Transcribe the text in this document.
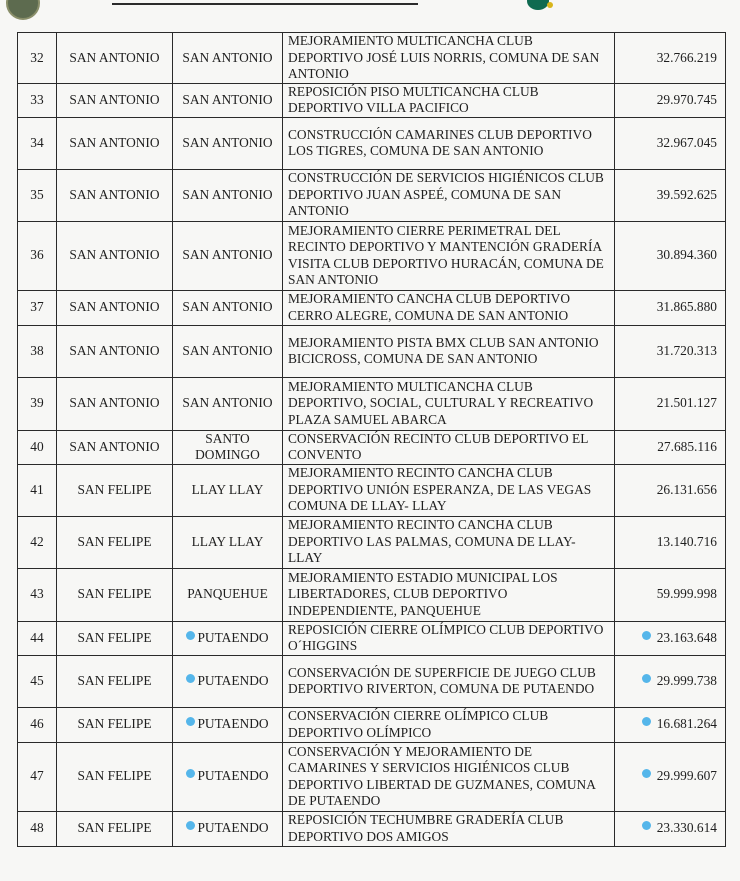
32	SAN ANTONIO	SAN ANTONIO	MEJORAMIENTO MULTICANCHA CLUB DEPORTIVO JOSÉ LUIS NORRIS, COMUNA DE SAN ANTONIO	32.766.219
33	SAN ANTONIO	SAN ANTONIO	REPOSICIÓN PISO MULTICANCHA CLUB DEPORTIVO VILLA PACIFICO	29.970.745
34	SAN ANTONIO	SAN ANTONIO	CONSTRUCCIÓN CAMARINES CLUB DEPORTIVO LOS TIGRES, COMUNA DE SAN ANTONIO	32.967.045
35	SAN ANTONIO	SAN ANTONIO	CONSTRUCCIÓN DE SERVICIOS HIGIÉNICOS CLUB DEPORTIVO JUAN ASPEÉ, COMUNA DE SAN ANTONIO	39.592.625
36	SAN ANTONIO	SAN ANTONIO	MEJORAMIENTO CIERRE PERIMETRAL DEL RECINTO DEPORTIVO Y MANTENCIÓN GRADERÍA VISITA CLUB DEPORTIVO HURACÁN, COMUNA DE SAN ANTONIO	30.894.360
37	SAN ANTONIO	SAN ANTONIO	MEJORAMIENTO CANCHA CLUB DEPORTIVO CERRO ALEGRE, COMUNA DE SAN ANTONIO	31.865.880
38	SAN ANTONIO	SAN ANTONIO	MEJORAMIENTO PISTA BMX CLUB SAN ANTONIO BICICROSS, COMUNA DE SAN ANTONIO	31.720.313
39	SAN ANTONIO	SAN ANTONIO	MEJORAMIENTO MULTICANCHA CLUB DEPORTIVO, SOCIAL, CULTURAL Y RECREATIVO PLAZA SAMUEL ABARCA	21.501.127
40	SAN ANTONIO	SANTO DOMINGO	CONSERVACIÓN RECINTO CLUB DEPORTIVO EL CONVENTO	27.685.116
41	SAN FELIPE	LLAY LLAY	MEJORAMIENTO RECINTO CANCHA CLUB DEPORTIVO UNIÓN ESPERANZA, DE LAS VEGAS COMUNA DE LLAY- LLAY	26.131.656
42	SAN FELIPE	LLAY LLAY	MEJORAMIENTO RECINTO CANCHA CLUB DEPORTIVO LAS PALMAS, COMUNA DE LLAY-LLAY	13.140.716
43	SAN FELIPE	PANQUEHUE	MEJORAMIENTO ESTADIO MUNICIPAL LOS LIBERTADORES, CLUB DEPORTIVO INDEPENDIENTE, PANQUEHUE	59.999.998
44	SAN FELIPE	PUTAENDO	REPOSICIÓN CIERRE OLÍMPICO CLUB DEPORTIVO O´HIGGINS	23.163.648
45	SAN FELIPE	PUTAENDO	CONSERVACIÓN DE SUPERFICIE DE JUEGO CLUB DEPORTIVO RIVERTON, COMUNA DE PUTAENDO	29.999.738
46	SAN FELIPE	PUTAENDO	CONSERVACIÓN CIERRE OLÍMPICO CLUB DEPORTIVO OLÍMPICO	16.681.264
47	SAN FELIPE	PUTAENDO	CONSERVACIÓN Y MEJORAMIENTO DE CAMARINES Y SERVICIOS HIGIÉNICOS CLUB DEPORTIVO LIBERTAD DE GUZMANES, COMUNA DE PUTAENDO	29.999.607
48	SAN FELIPE	PUTAENDO	REPOSICIÓN TECHUMBRE GRADERÍA CLUB DEPORTIVO DOS AMIGOS	23.330.614
